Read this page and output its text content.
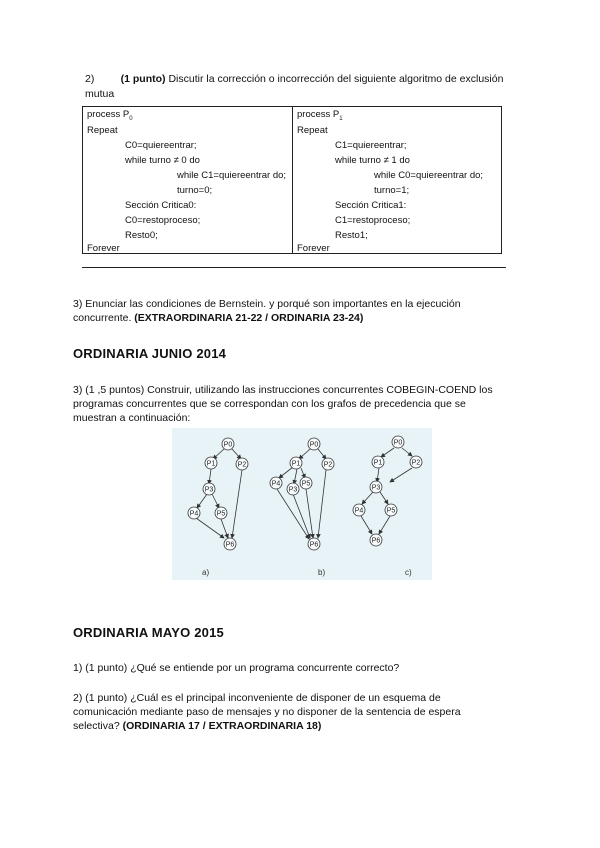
2)	(1 punto) Discutir la corrección o incorrección del siguiente algoritmo de exclusión
mutua
process $P_0$
Repeat
C0=quiereentrar;
while turno ≠ 0 do
while C1=quiereentrar do;
turno=0;
Sección Critica0:
C0=restoproceso;
Resto0;
Forever
process $P_1$
Repeat
C1=quiereentrar;
while turno ≠ 1 do
while C0=quiereentrar do;
turno=1;
Sección Critica1:
C1=restoproceso;
Resto1;
Forever
3) Enunciar las condiciones de Bernstein. y porqué son importantes en la ejecución
concurrente. (EXTRAORDINARIA 21-22 / ORDINARIA 23-24)
ORDINARIA JUNIO 2014
3) (1 ,5 puntos) Construir, utilizando las instrucciones concurrentes COBEGIN-COEND los
programas concurrentes que se correspondan con los grafos de precedencia que se
muestran a continuación:
P0
P1	P2
P3
P4	P5
P6
P0
P1	P2
P3
P4	P5
P6
P0
P1	P2
P3
P4	P5
P6
a)	b)	c)
ORDINARIA MAYO 2015
1) (1 punto) ¿Qué se entiende por un programa concurrente correcto?
2) (1 punto) ¿Cuál es el principal inconveniente de disponer de un esquema de
comunicación mediante paso de mensajes y no disponer de la sentencia de espera
selectiva? (ORDINARIA 17 / EXTRAORDINARIA 18)
